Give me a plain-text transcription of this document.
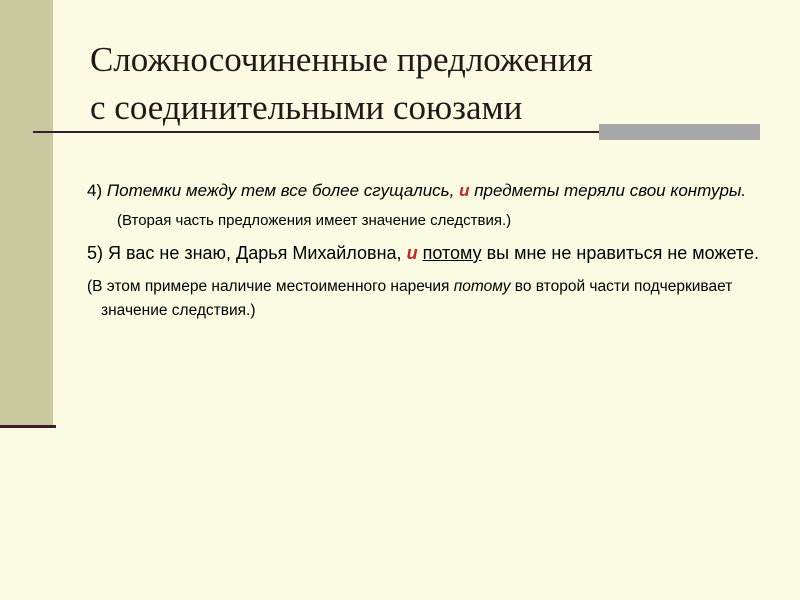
Сложносочиненные предложения
с соединительными союзами

4) Потемки между тем все более сгущались, и предметы теряли свои контуры.

(Вторая часть предложения имеет значение следствия.)

5) Я вас не знаю, Дарья Михайловна, и потому вы мне не нравиться не можете.

(В этом примере наличие местоименного наречия потому во второй части подчеркивает значение следствия.)
